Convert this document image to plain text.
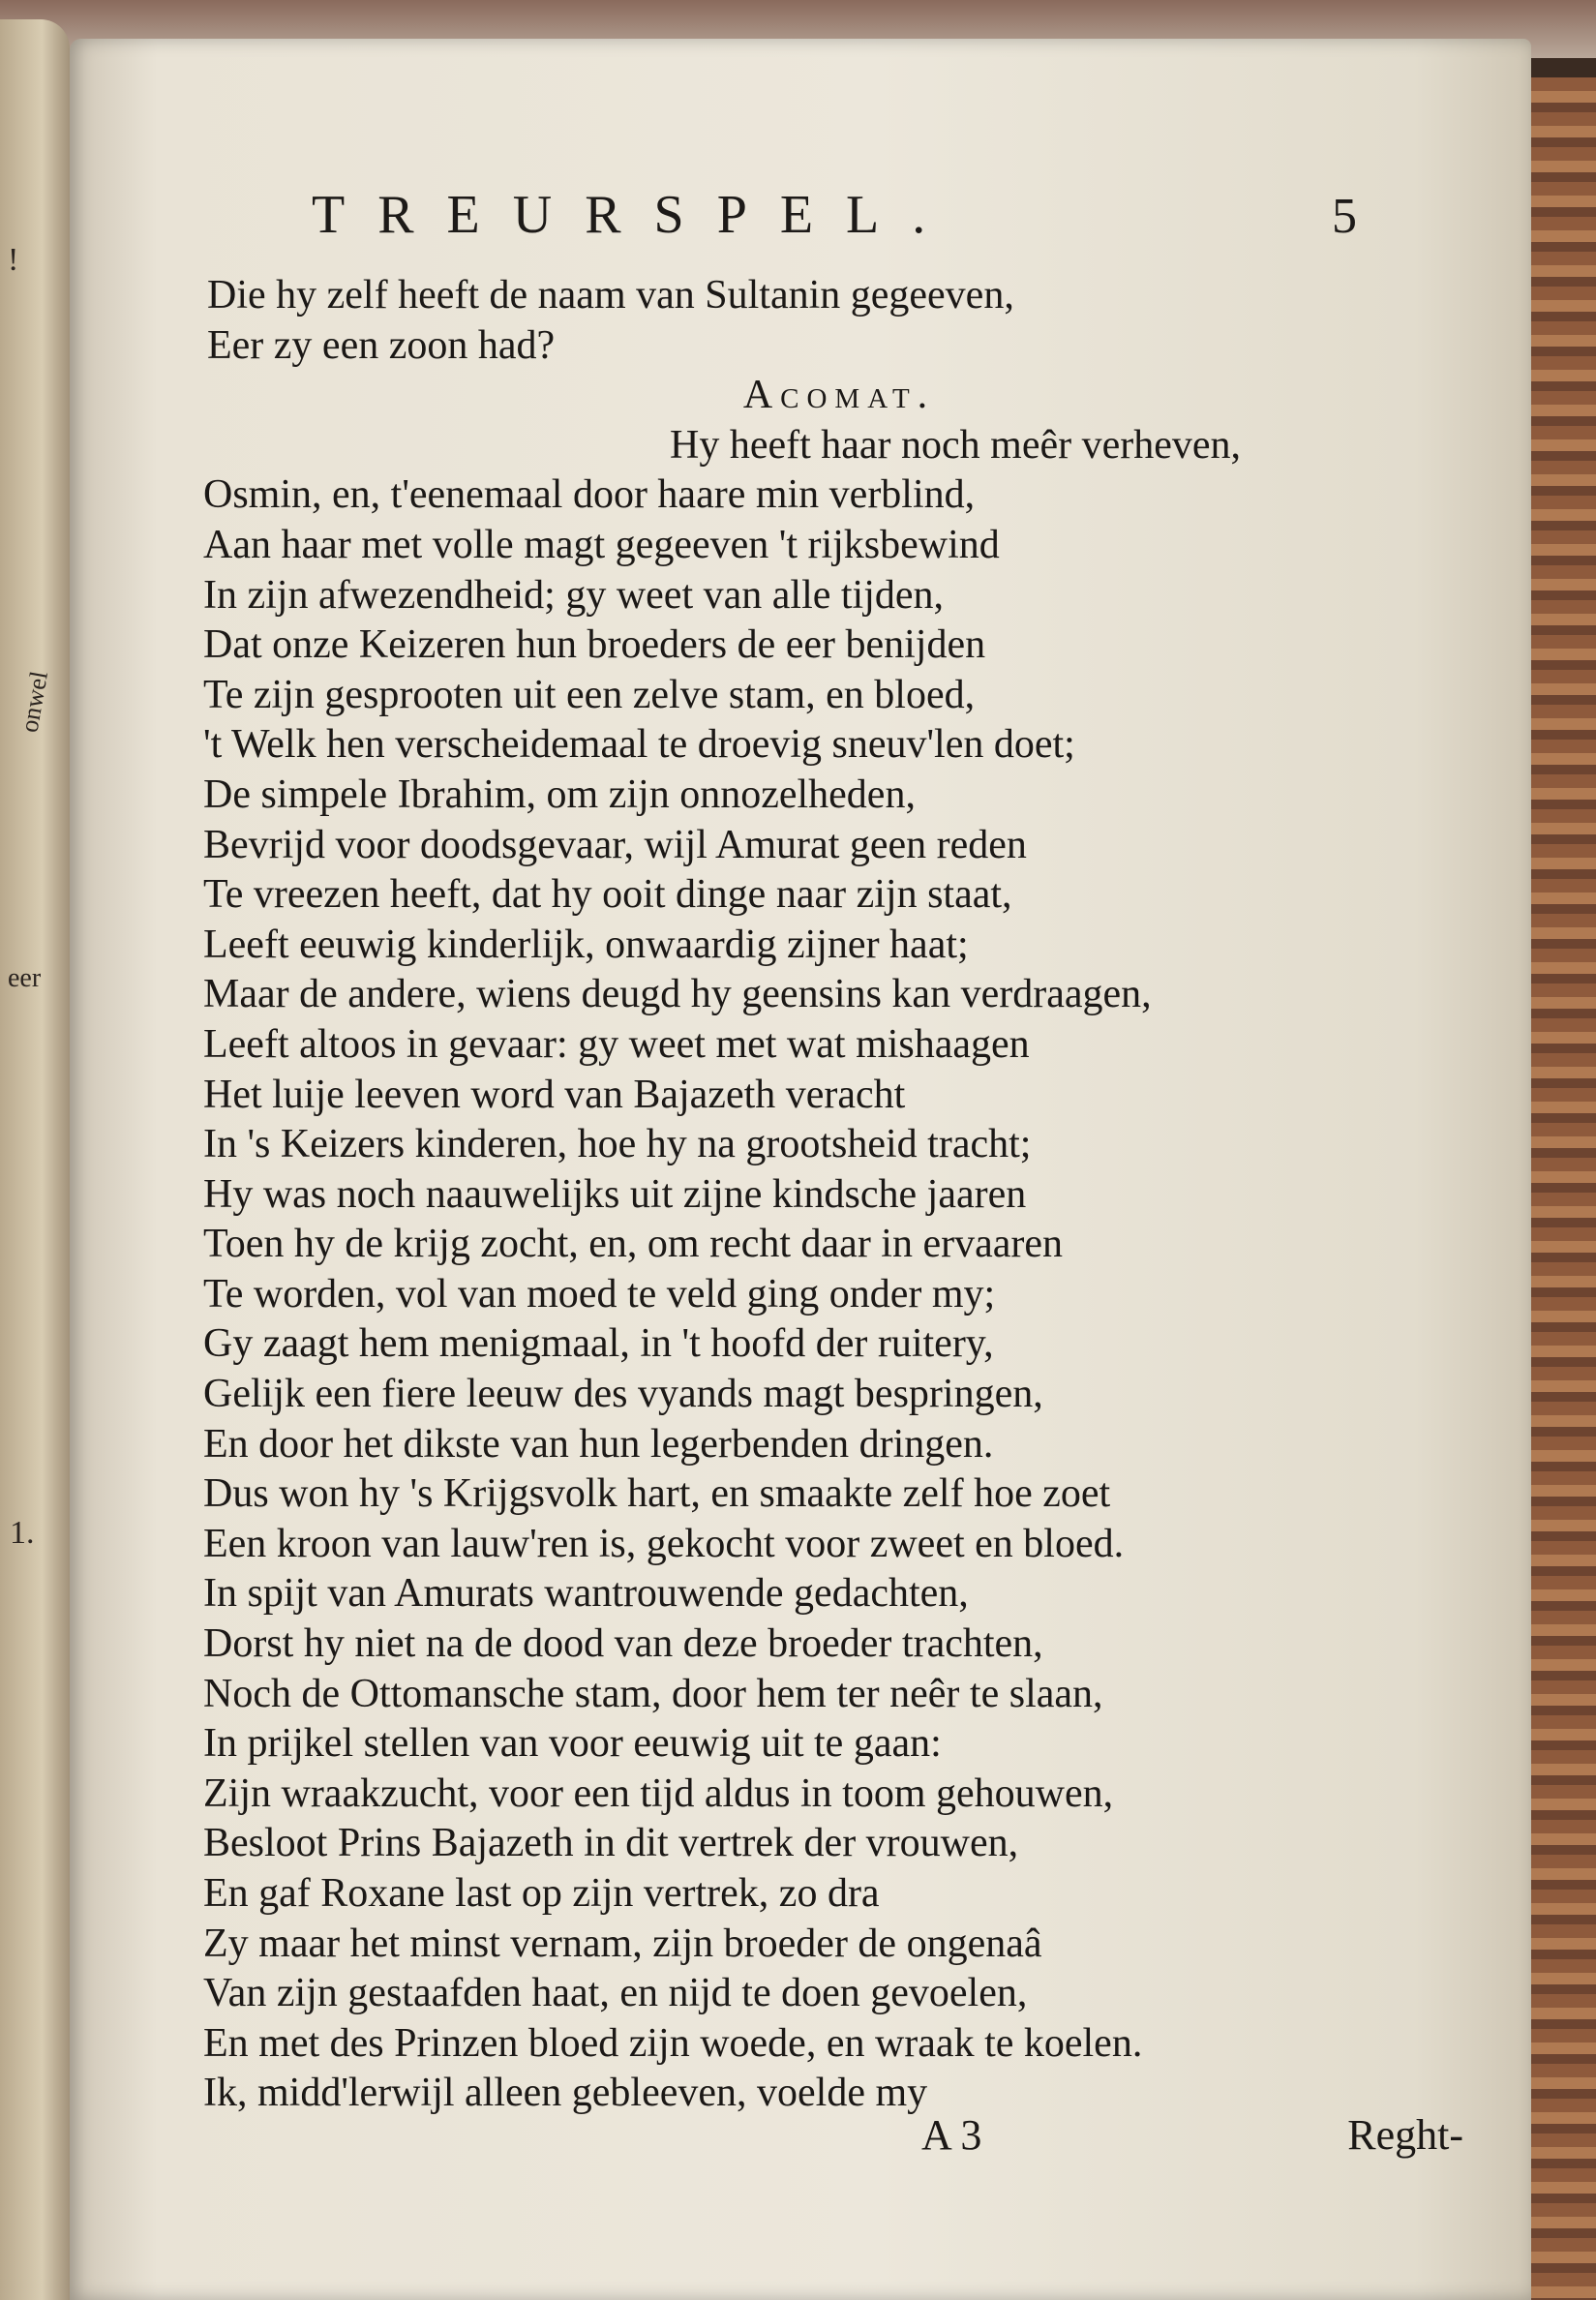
!
onwel
eer
1.
TREURSPEL.	5
Die hy zelf heeft de naam van Sultanin gegeeven,
Eer zy een zoon had?
Acomat.
Hy heeft haar noch meêr verheven,
Osmin, en, t'eenemaal door haare min verblind,
Aan haar met volle magt gegeeven 't rijksbewind
In zijn afwezendheid; gy weet van alle tijden,
Dat onze Keizeren hun broeders de eer benijden
Te zijn gesprooten uit een zelve stam, en bloed,
't Welk hen verscheidemaal te droevig sneuv'len doet;
De simpele Ibrahim, om zijn onnozelheden,
Bevrijd voor doodsgevaar, wijl Amurat geen reden
Te vreezen heeft, dat hy ooit dinge naar zijn staat,
Leeft eeuwig kinderlijk, onwaardig zijner haat;
Maar de andere, wiens deugd hy geensins kan verdraagen,
Leeft altoos in gevaar: gy weet met wat mishaagen
Het luije leeven word van Bajazeth veracht
In 's Keizers kinderen, hoe hy na grootsheid tracht;
Hy was noch naauwelijks uit zijne kindsche jaaren
Toen hy de krijg zocht, en, om recht daar in ervaaren
Te worden, vol van moed te veld ging onder my;
Gy zaagt hem menigmaal, in 't hoofd der ruitery,
Gelijk een fiere leeuw des vyands magt bespringen,
En door het dikste van hun legerbenden dringen.
Dus won hy 's Krijgsvolk hart, en smaakte zelf hoe zoet
Een kroon van lauw'ren is, gekocht voor zweet en bloed.
In spijt van Amurats wantrouwende gedachten,
Dorst hy niet na de dood van deze broeder trachten,
Noch de Ottomansche stam, door hem ter neêr te slaan,
In prijkel stellen van voor eeuwig uit te gaan:
Zijn wraakzucht, voor een tijd aldus in toom gehouwen,
Besloot Prins Bajazeth in dit vertrek der vrouwen,
En gaf Roxane last op zijn vertrek, zo dra
Zy maar het minst vernam, zijn broeder de ongenaâ
Van zijn gestaafden haat, en nijd te doen gevoelen,
En met des Prinzen bloed zijn woede, en wraak te koelen.
Ik, midd'lerwijl alleen gebleeven, voelde my
A 3	Reght-
